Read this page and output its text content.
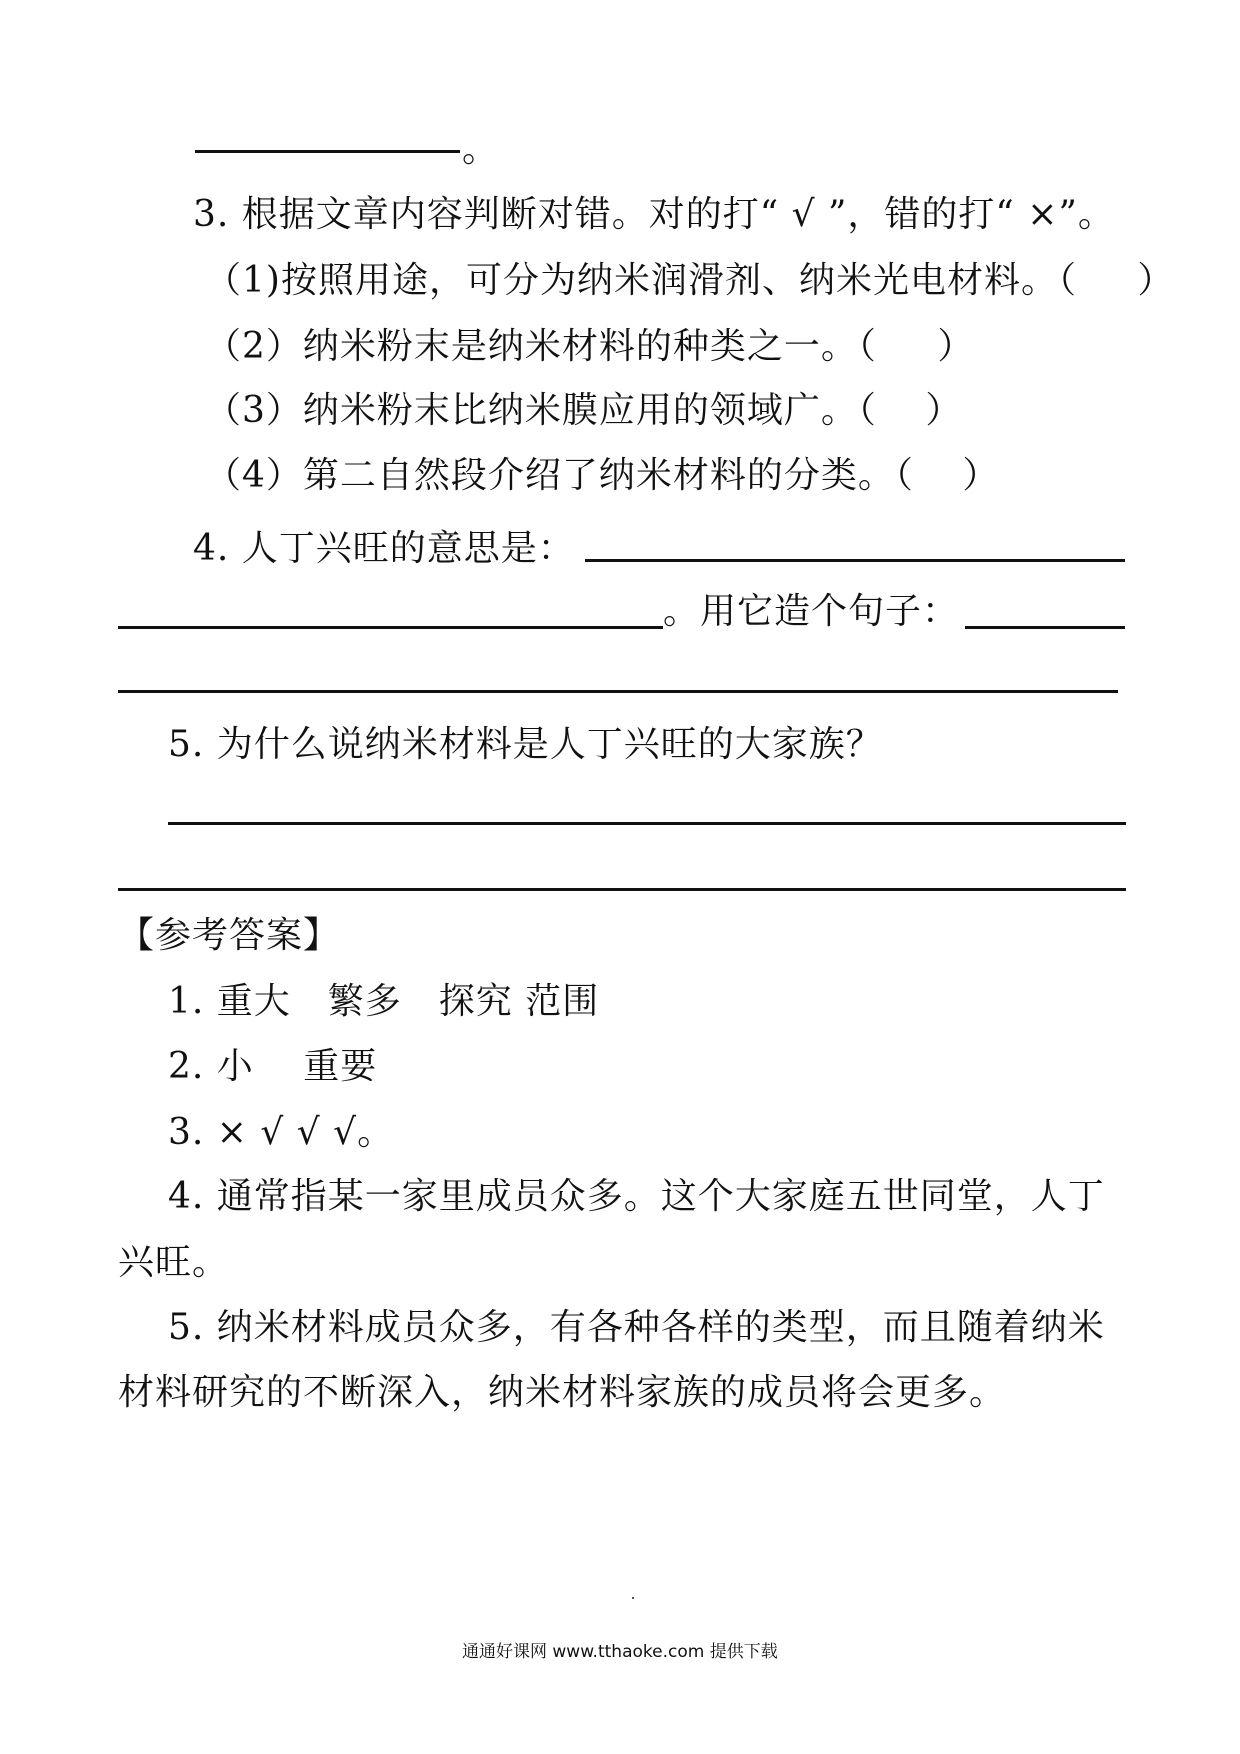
。
3. 根据文章内容判断对错。对的打“ √ ”，错的打“ ×”。
（1)按照用途，可分为纳米润滑剂、纳米光电材料。（ ）
（2）纳米粉末是纳米材料的种类之一。（ ）
（3）纳米粉末比纳米膜应用的领域广。（ ）
（4）第二自然段介绍了纳米材料的分类。（ ）
4. 人丁兴旺的意思是：
。用它造个句子：
5. 为什么说纳米材料是人丁兴旺的大家族？
【参考答案】
1. 重大　繁多　探究 范围
2. 小　 重要
3. × √ √ √。
4. 通常指某一家里成员众多。这个大家庭五世同堂，人丁
兴旺。
5. 纳米材料成员众多，有各种各样的类型，而且随着纳米
材料研究的不断深入，纳米材料家族的成员将会更多。
通通好课网 www.tthaoke.com 提供下载
